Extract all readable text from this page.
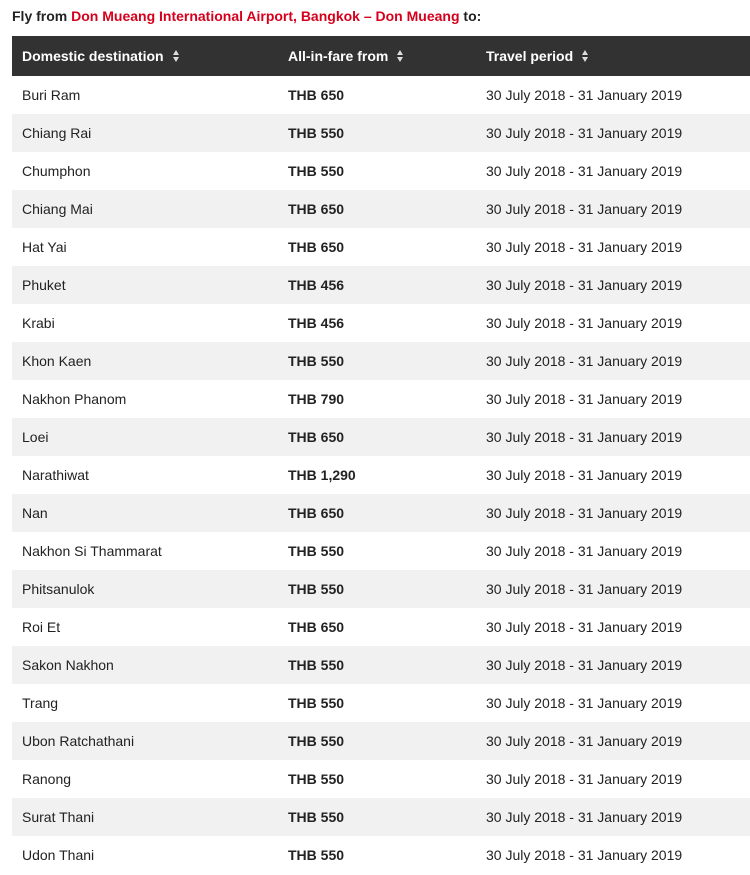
Fly from Don Mueang International Airport, Bangkok – Don Mueang to:
Domestic destination	All-in-fare from	Travel period
Buri Ram	THB 650	30 July 2018 - 31 January 2019
Chiang Rai	THB 550	30 July 2018 - 31 January 2019
Chumphon	THB 550	30 July 2018 - 31 January 2019
Chiang Mai	THB 650	30 July 2018 - 31 January 2019
Hat Yai	THB 650	30 July 2018 - 31 January 2019
Phuket	THB 456	30 July 2018 - 31 January 2019
Krabi	THB 456	30 July 2018 - 31 January 2019
Khon Kaen	THB 550	30 July 2018 - 31 January 2019
Nakhon Phanom	THB 790	30 July 2018 - 31 January 2019
Loei	THB 650	30 July 2018 - 31 January 2019
Narathiwat	THB 1,290	30 July 2018 - 31 January 2019
Nan	THB 650	30 July 2018 - 31 January 2019
Nakhon Si Thammarat	THB 550	30 July 2018 - 31 January 2019
Phitsanulok	THB 550	30 July 2018 - 31 January 2019
Roi Et	THB 650	30 July 2018 - 31 January 2019
Sakon Nakhon	THB 550	30 July 2018 - 31 January 2019
Trang	THB 550	30 July 2018 - 31 January 2019
Ubon Ratchathani	THB 550	30 July 2018 - 31 January 2019
Ranong	THB 550	30 July 2018 - 31 January 2019
Surat Thani	THB 550	30 July 2018 - 31 January 2019
Udon Thani	THB 550	30 July 2018 - 31 January 2019
